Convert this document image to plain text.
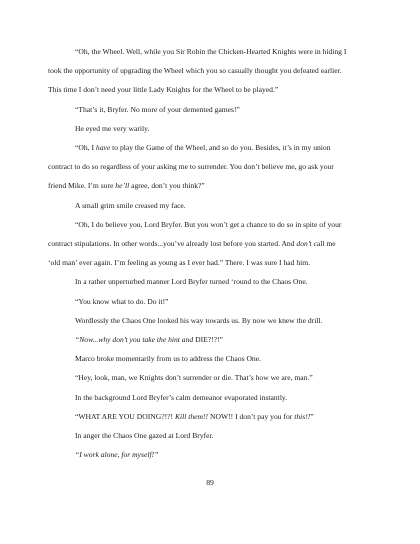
“Oh, the Wheel. Well, while you Sir Robin the Chicken-Hearted Knights were in hiding I
took the opportunity of upgrading the Wheel which you so casually thought you defeated earlier.
This time I don’t need your little Lady Knights for the Wheel to be played.”

“That’s it, Bryfer. No more of your demented games!”

He eyed me very warily.

“Oh, I have to play the Game of the Wheel, and so do you. Besides, it’s in my union
contract to do so regardless of your asking me to surrender. You don’t believe me, go ask your
friend Mike. I’m sure he’ll agree, don’t you think?”

A small grim smile creased my face.

“Oh, I do believe you, Lord Bryfer. But you won’t get a chance to do so in spite of your
contract stipulations. In other words...you’ve already lost before you started. And don’t call me
‘old man’ ever again. I’m feeling as young as I ever had.” There. I was sure I had him.

In a rather unperturbed manner Lord Bryfer turned ‘round to the Chaos One.

“You know what to do. Do it!”

Wordlessly the Chaos One looked his way towards us. By now we knew the drill.

“Now...why don’t you take the hint and DIE?!?!”

Marco broke momentarily from us to address the Chaos One.

“Hey, look, man, we Knights don’t surrender or die. That’s how we are, man.”

In the background Lord Bryfer’s calm demeanor evaporated instantly.

“WHAT ARE YOU DOING?!?! Kill them!! NOW!! I don’t pay you for this!!”

In anger the Chaos One gazed at Lord Bryfer.

“I work alone, for myself!”

89
